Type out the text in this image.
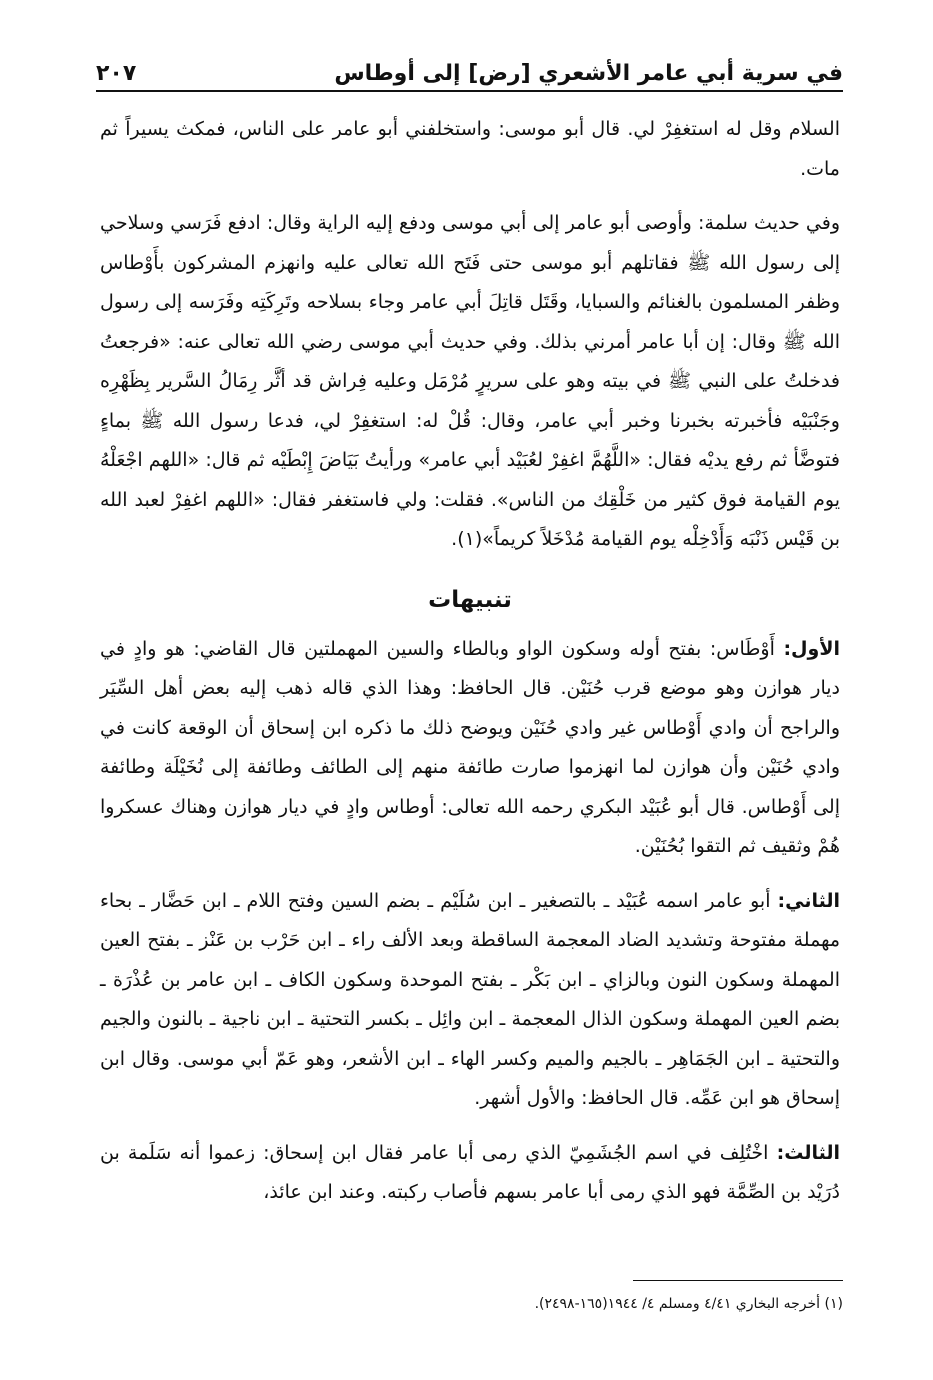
في سرية أبي عامر الأشعري [رض] إلى أوطاس
٢٠٧

السلام وقل له استغفِرْ لي. قال أبو موسى: واستخلفني أبو عامر على الناس، فمكث يسيراً ثم مات.

وفي حديث سلمة: وأوصى أبو عامر إلى أبي موسى ودفع إليه الراية وقال: ادفع فَرَسي وسلاحي إلى رسول الله ﷺ فقاتلهم أبو موسى حتى فَتَح الله تعالى عليه وانهزم المشركون بأَوْطاس وظفر المسلمون بالغنائم والسبايا، وقَتَل قاتِلَ أبي عامر وجاء بسلاحه وتَرِكَتِه وفَرَسه إلى رسول الله ﷺ وقال: إن أبا عامر أمرني بذلك. وفي حديث أبي موسى رضي الله تعالى عنه: «فرجعتُ فدخلتُ على النبي ﷺ في بيته وهو على سريرٍ مُرْمَل وعليه فِراش قد أثَّر رِمَالُ السَّرير بِظَهْرِه وجَنْبَيْه فأخبرته بخبرنا وخبر أبي عامر، وقال: قُلْ له: استغفِرْ لي، فدعا رسول الله ﷺ بماءٍ فتوضَّأ ثم رفع يديْه فقال: «اللَّهُمَّ اغفِرْ لعُبَيْد أبي عامر» ورأيتُ بَيَاضَ إِبْطَيْه ثم قال: «اللهم اجْعَلْهُ يوم القيامة فوق كثير من خَلْقِك من الناس». فقلت: ولي فاستغفر فقال: «اللهم اغفِرْ لعبد الله بن قَيْس ذَنْبَه وَأَدْخِلْه يوم القيامة مُدْخَلاً كريماً»(١).

تنبيهات

الأول: أَوْطَاس: بفتح أوله وسكون الواو وبالطاء والسين المهملتين قال القاضي: هو وادٍ في ديار هوازن وهو موضع قرب حُنَيْن. قال الحافظ: وهذا الذي قاله ذهب إليه بعض أهل السِّيَر والراجح أن وادي أَوْطاس غير وادي حُنَيْن ويوضح ذلك ما ذكره ابن إسحاق أن الوقعة كانت في وادي حُنَيْن وأن هوازن لما انهزموا صارت طائفة منهم إلى الطائف وطائفة إلى نُخَيْلَة وطائفة إلى أَوْطاس. قال أبو عُبَيْد البكري رحمه الله تعالى: أوطاس وادٍ في ديار هوازن وهناك عسكروا هُمْ وثقيف ثم التقوا بُحُنَيْن.

الثاني: أبو عامر اسمه عُبَيْد ـ بالتصغير ـ ابن سُلَيْم ـ بضم السين وفتح اللام ـ ابن حَضَّار ـ بحاء مهملة مفتوحة وتشديد الضاد المعجمة الساقطة وبعد الألف راء ـ ابن حَرْب بن عَنْز ـ بفتح العين المهملة وسكون النون وبالزاي ـ ابن بَكْر ـ بفتح الموحدة وسكون الكاف ـ ابن عامر بن عُذْرَة ـ بضم العين المهملة وسكون الذال المعجمة ـ ابن وائِل ـ بكسر التحتية ـ ابن ناجية ـ بالنون والجيم والتحتية ـ ابن الجَمَاهِر ـ بالجيم والميم وكسر الهاء ـ ابن الأشعر، وهو عَمّ أبي موسى. وقال ابن إسحاق هو ابن عَمِّه. قال الحافظ: والأول أشهر.

الثالث: اخْتُلِف في اسم الجُشَمِيّ الذي رمى أبا عامر فقال ابن إسحاق: زعموا أنه سَلَمة بن دُرَيْد بن الصِّمَّة فهو الذي رمى أبا عامر بسهم فأصاب ركبته. وعند ابن عائذ،

(١) أخرجه البخاري ٤/٤١ ومسلم ٤/ ١٩٤٤(١٦٥-٢٤٩٨).
